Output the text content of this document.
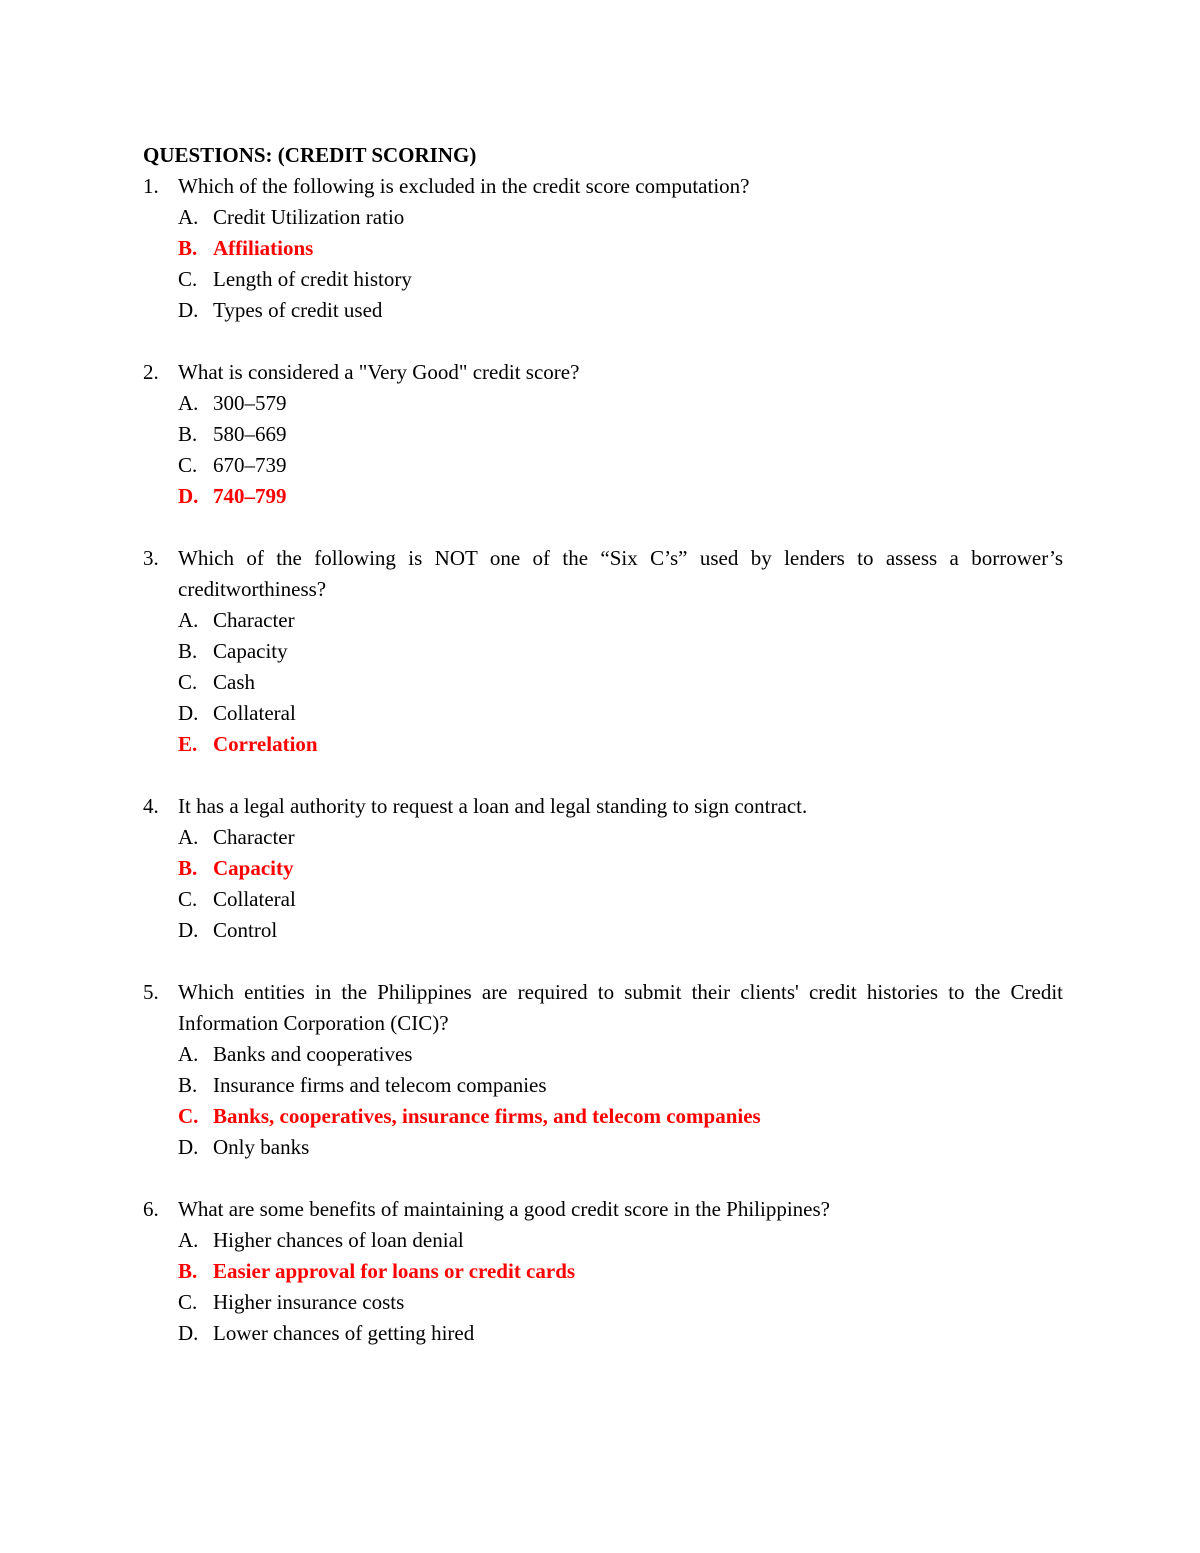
QUESTIONS: (CREDIT SCORING)

1. Which of the following is excluded in the credit score computation?
A. Credit Utilization ratio
B. Affiliations
C. Length of credit history
D. Types of credit used
2. What is considered a "Very Good" credit score?
A. 300–579
B. 580–669
C. 670–739
D. 740–799
3. Which of the following is NOT one of the “Six C’s” used by lenders to assess a borrower’s creditworthiness?
A. Character
B. Capacity
C. Cash
D. Collateral
E. Correlation
4. It has a legal authority to request a loan and legal standing to sign contract.
A. Character
B. Capacity
C. Collateral
D. Control
5. Which entities in the Philippines are required to submit their clients' credit histories to the Credit Information Corporation (CIC)?
A. Banks and cooperatives
B. Insurance firms and telecom companies
C. Banks, cooperatives, insurance firms, and telecom companies
D. Only banks
6. What are some benefits of maintaining a good credit score in the Philippines?
A. Higher chances of loan denial
B. Easier approval for loans or credit cards
C. Higher insurance costs
D. Lower chances of getting hired
